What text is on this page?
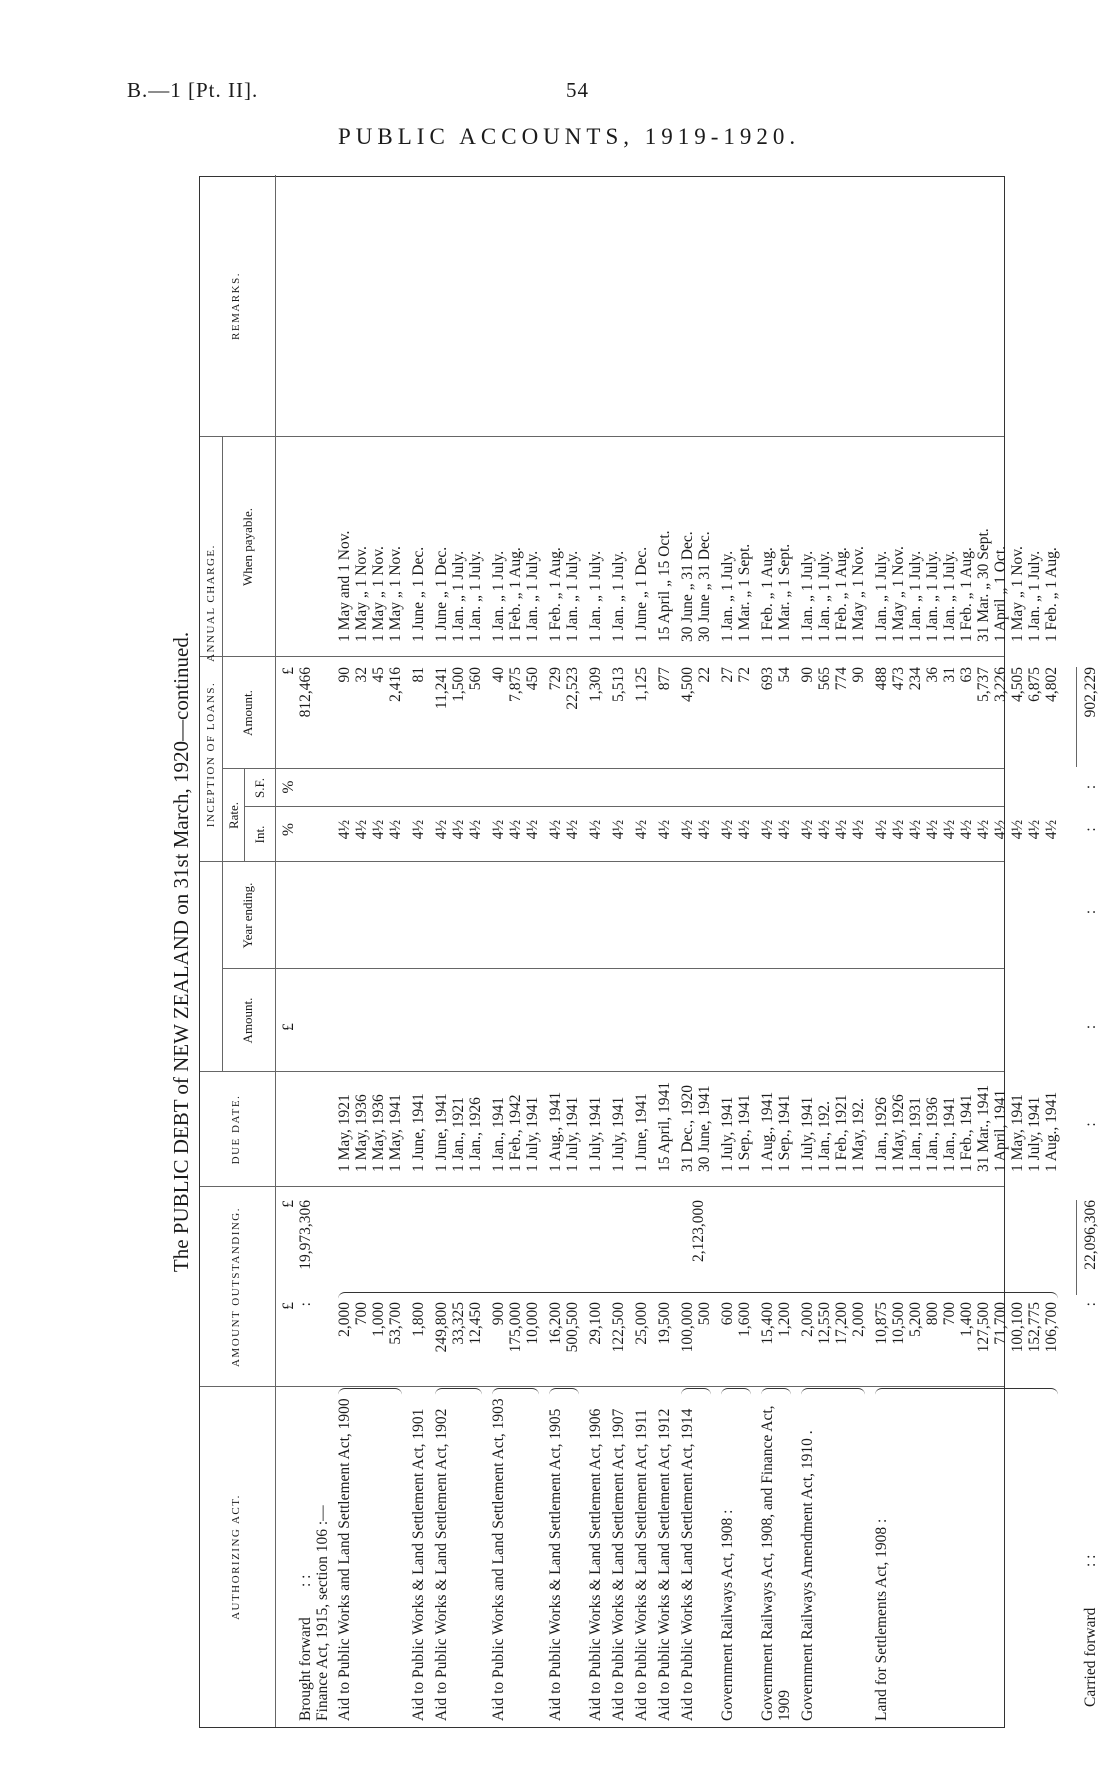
B.—1 [Pt. II].	54
PUBLIC ACCOUNTS, 1919-1920.
The PUBLIC DEBT of NEW ZEALAND on 31st March, 1920—continued.
AUTHORIZING ACT.
AMOUNT OUTSTANDING.
DUE DATE.
INCEPTION OF LOANS.
Amount.
Year ending.
Rate.
Int.
S.F.
ANNUAL CHARGE.
Amount.
When payable.
REMARKS.
£
£
£
%
%
£
Brought forward
: :
:
19,973,306
812,466
Finance Act, 1915, section 106 :— Aid to Public Works and Land Settlement Act, 1900
2,000
1 May, 1921
4½
90
1 May and 1 Nov.
700
1 May, 1936
4½
32
1 May „ 1 Nov.
1,000
1 May, 1936
4½
45
1 May „ 1 Nov.
53,700
1 May, 1941
4½
2,416
1 May „ 1 Nov.
Aid to Public Works & Land Settlement Act, 1901
1,800
1 June, 1941
4½
81
1 June „ 1 Dec.
Aid to Public Works & Land Settlement Act, 1902
249,800
1 June, 1941
4½
11,241
1 June „ 1 Dec.
33,325
1 Jan., 1921
4½
1,500
1 Jan. „ 1 July.
12,450
1 Jan., 1926
4½
560
1 Jan. „ 1 July.
Aid to Public Works and Land Settlement Act, 1903
900
1 Jan., 1941
4½
40
1 Jan. „ 1 July.
175,000
1 Feb., 1942
4½
7,875
1 Feb. „ 1 Aug.
10,000
1 July, 1941
4½
450
1 Jan. „ 1 July.
Aid to Public Works & Land Settlement Act, 1905
16,200
1 Aug., 1941
4½
729
1 Feb. „ 1 Aug.
500,500
1 July, 1941
4½
22,523
1 Jan. „ 1 July.
Aid to Public Works & Land Settlement Act, 1906
29,100
1 July, 1941
4½
1,309
1 Jan. „ 1 July.
Aid to Public Works & Land Settlement Act, 1907
122,500
1 July, 1941
4½
5,513
1 Jan. „ 1 July.
Aid to Public Works & Land Settlement Act, 1911
25,000
1 June, 1941
4½
1,125
1 June „ 1 Dec.
Aid to Public Works & Land Settlement Act, 1912
19,500
15 April, 1941
4½
877
15 April „ 15 Oct.
Aid to Public Works & Land Settlement Act, 1914
100,000
31 Dec., 1920
4½
4,500
30 June „ 31 Dec.
500
30 June, 1941
4½
22
30 June „ 31 Dec.
Government Railways Act, 1908 :
600
1 July, 1941
4½
27
1 Jan. „ 1 July.
1,600
1 Sep., 1941
4½
72
1 Mar. „ 1 Sept.
Government Railways Act, 1908, and Finance Act, 1909
15,400
1 Aug., 1941
4½
693
1 Feb. „ 1 Aug.
1,200
1 Sep., 1941
4½
54
1 Mar. „ 1 Sept.
Government Railways Amendment Act, 1910 .
2,000
1 July, 1941
4½
90
1 Jan. „ 1 July.
12,550
1 Jan., 192.
4½
565
1 Jan. „ 1 July.
17,200
1 Feb., 1921
4½
774
1 Feb. „ 1 Aug.
2,000
1 May, 192.
4½
90
1 May „ 1 Nov.
Land for Settlements Act, 1908 :
10,875
1 Jan., 1926
4½
488
1 Jan. „ 1 July.
10,500
1 May, 1926
4½
473
1 May „ 1 Nov.
5,200
1 Jan., 1931
4½
234
1 Jan. „ 1 July.
800
1 Jan., 1936
4½
36
1 Jan. „ 1 July.
700
1 Jan., 1941
4½
31
1 Jan. „ 1 July.
1,400
1 Feb., 1941
4½
63
1 Feb. „ 1 Aug.
127,500
31 Mar., 1941
4½
5,737
31 Mar. „ 30 Sept.
71,700
1 April, 1941
4½
3,226
1 April „ 1 Oct.
100,100
1 May, 1941
4½
4,505
1 May „ 1 Nov.
152,775
1 July, 1941
4½
6,875
1 Jan. „ 1 July.
106,700
1 Aug., 1941
4½
4,802
1 Feb. „ 1 Aug.
2,123,000
Carried forward
: :
:
22,096,306
:
:
:
:
:
902,229
